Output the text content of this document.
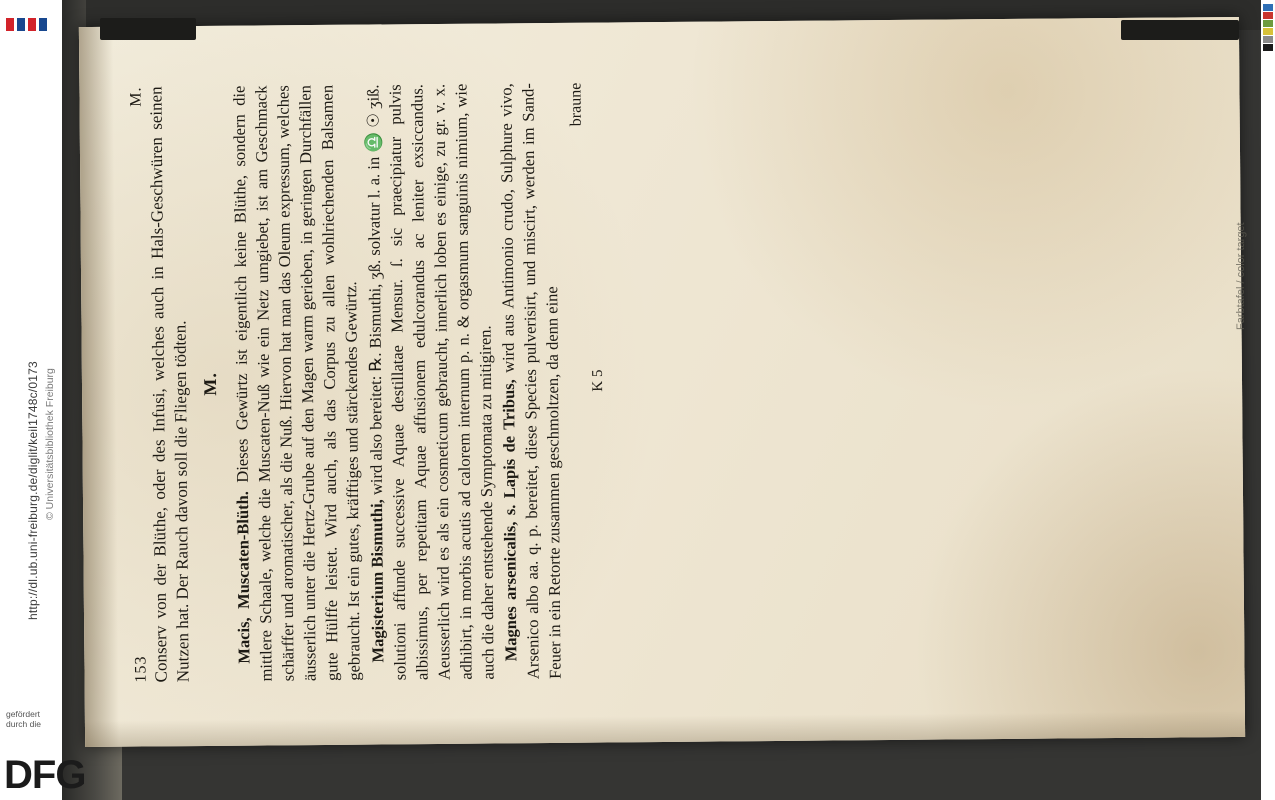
153
M. Conserv von der Blüthe, oder des Infusi, welches auch in Hals-Geschwüren seinen Nutzen hat. Der Rauch davon soll die Fliegen tödten. M.

Macis, Muscaten-Blüth. Dieses Gewürtz ist eigentlich keine Blüthe, sondern die mittlere Schaale, welche die Muscaten-Nuß wie ein Netz umgiebet, ist am Geschmack schärffer und aromatischer, als die Nuß. Hiervon hat man das Oleum expressum, welches äusserlich unter die Hertz-Grube auf den Magen warm gerieben, in geringen Durchfällen gute Hülffe leistet. Wird auch, als das Corpus zu allen wohlriechenden Balsamen gebraucht. Ist ein gutes, kräfftiges und stärckendes Gewürtz. Magisterium Bismuthi, wird also bereitet: ℞. Bismuthi, ʒß. solvatur l. a. in ♎ ☉ ʒiß. solutioni affunde successive Aquae destillatae Mensur. ſ. sic praecipiatur pulvis albissimus, per repetitam Aquae affusionem edulcorandus ac leniter exsiccandus. Aeusserlich wird es als ein cosmeticum gebraucht, innerlich loben es einige, zu gr. v. x. adhibirt, in morbis acutis ad calorem internum p. n. & orgasmum sanguinis nimium, wie auch die daher entstehende Symptomata zu mitigiren. Magnes arsenicalis, s. Lapis de Tribus, wird aus Antimonio crudo, Sulphure vivo, Arsenico albo aa. q. p. bereitet, diese Species pulverisirt, und miscirt, werden im Sand-Feuer in ein Retorte zusammen geschmoltzen, da denn eine

braune
K 5
http://dl.ub.uni-freiburg.de/diglit/keil1748c/0173 © Universitätsbibliothek Freiburg
gefördert durch die
DFG
Farbtafel / color target
